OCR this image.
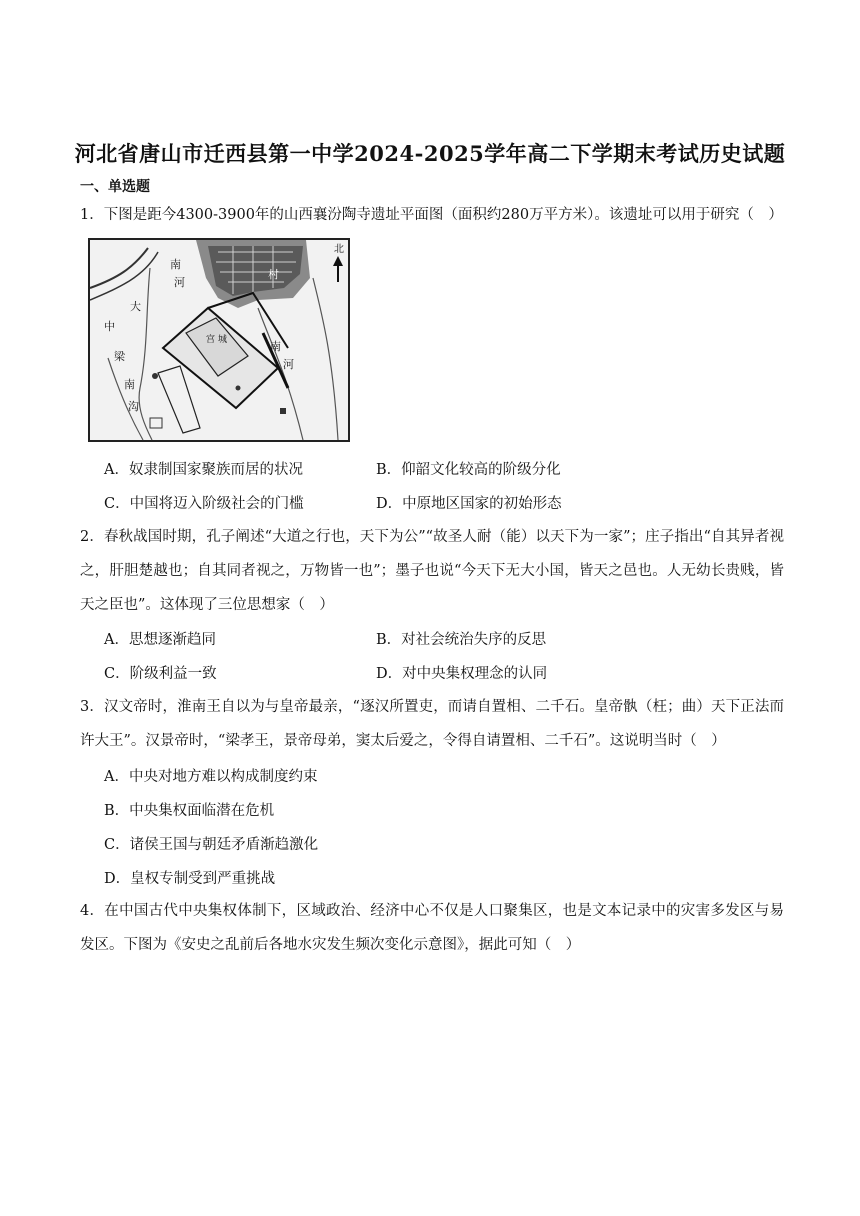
河北省唐山市迁西县第一中学2024-2025学年高二下学期末考试历史试题
一、单选题

1．下图是距今4300-3900年的山西襄汾陶寺遗址平面图（面积约280万平方米）。该遗址可以用于研究（　）

南
河
大
中
梁
南
沟
南
河
宫 城
村
北
A．奴隶制国家聚族而居的状况	B．仰韶文化较高的阶级分化
C．中国将迈入阶级社会的门槛	D．中原地区国家的初始形态

2．春秋战国时期，孔子阐述“大道之行也，天下为公”“故圣人耐（能）以天下为一家”；庄子指出“自其异者视之，肝胆楚越也；自其同者视之，万物皆一也”；墨子也说“今天下无大小国，皆天之邑也。人无幼长贵贱，皆天之臣也”。这体现了三位思想家（　）

A．思想逐渐趋同	B．对社会统治失序的反思
C．阶级利益一致	D．对中央集权理念的认同

3．汉文帝时，淮南王自以为与皇帝最亲，“逐汉所置吏，而请自置相、二千石。皇帝骫（枉；曲）天下正法而许大王”。汉景帝时，“梁孝王，景帝母弟，窦太后爱之，令得自请置相、二千石”。这说明当时（　）

A．中央对地方难以构成制度约束
B．中央集权面临潜在危机
C．诸侯王国与朝廷矛盾渐趋激化
D．皇权专制受到严重挑战

4．在中国古代中央集权体制下，区域政治、经济中心不仅是人口聚集区，也是文本记录中的灾害多发区与易发区。下图为《安史之乱前后各地水灾发生频次变化示意图》，据此可知（　）
